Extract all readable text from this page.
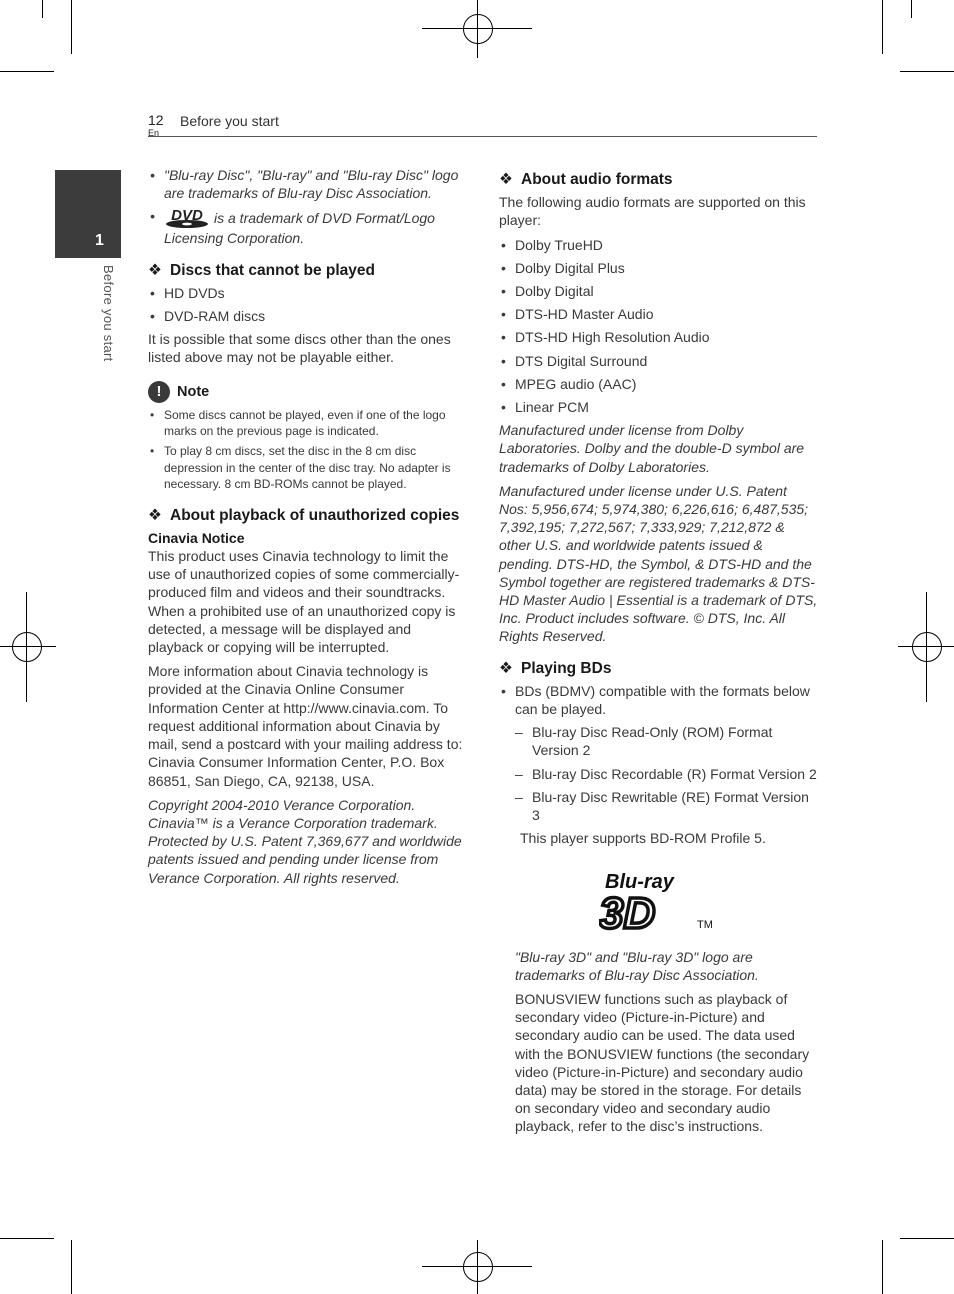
12
En
Before you start
1
Before you start
• "Blu-ray Disc", "Blu-ray" and "Blu-ray Disc" logo are trademarks of Blu-ray Disc Association.
• DVD is a trademark of DVD Format/Logo Licensing Corporation.
❖ Discs that cannot be played
• HD DVDs
• DVD-RAM discs
It is possible that some discs other than the ones listed above may not be playable either.
!	Note
• Some discs cannot be played, even if one of the logo marks on the previous page is indicated.
• To play 8 cm discs, set the disc in the 8 cm disc depression in the center of the disc tray. No adapter is necessary. 8 cm BD-ROMs cannot be played.
❖ About playback of unauthorized copies
Cinavia Notice
This product uses Cinavia technology to limit the use of unauthorized copies of some commercially-produced film and videos and their soundtracks. When a prohibited use of an unauthorized copy is detected, a message will be displayed and playback or copying will be interrupted.
More information about Cinavia technology is provided at the Cinavia Online Consumer Information Center at http://www.cinavia.com. To request additional information about Cinavia by mail, send a postcard with your mailing address to: Cinavia Consumer Information Center, P.O. Box 86851, San Diego, CA, 92138, USA.
Copyright 2004-2010 Verance Corporation. Cinavia™ is a Verance Corporation trademark. Protected by U.S. Patent 7,369,677 and worldwide patents issued and pending under license from Verance Corporation. All rights reserved.
❖ About audio formats
The following audio formats are supported on this player:
• Dolby TrueHD
• Dolby Digital Plus
• Dolby Digital
• DTS-HD Master Audio
• DTS-HD High Resolution Audio
• DTS Digital Surround
• MPEG audio (AAC)
• Linear PCM
Manufactured under license from Dolby Laboratories. Dolby and the double-D symbol are trademarks of Dolby Laboratories.
Manufactured under license under U.S. Patent Nos: 5,956,674; 5,974,380; 6,226,616; 6,487,535; 7,392,195; 7,272,567; 7,333,929; 7,212,872 & other U.S. and worldwide patents issued & pending. DTS-HD, the Symbol, & DTS-HD and the Symbol together are registered trademarks & DTS-HD Master Audio | Essential is a trademark of DTS, Inc. Product includes software. © DTS, Inc. All Rights Reserved.
❖ Playing BDs
• BDs (BDMV) compatible with the formats below can be played.
– Blu-ray Disc Read-Only (ROM) Format Version 2
– Blu-ray Disc Recordable (R) Format Version 2
– Blu-ray Disc Rewritable (RE) Format Version 3
This player supports BD-ROM Profile 5.
Blu-ray
3D	TM
"Blu-ray 3D" and "Blu-ray 3D" logo are trademarks of Blu-ray Disc Association.
BONUSVIEW functions such as playback of secondary video (Picture-in-Picture) and secondary audio can be used. The data used with the BONUSVIEW functions (the secondary video (Picture-in-Picture) and secondary audio data) may be stored in the storage. For details on secondary video and secondary audio playback, refer to the disc’s instructions.
